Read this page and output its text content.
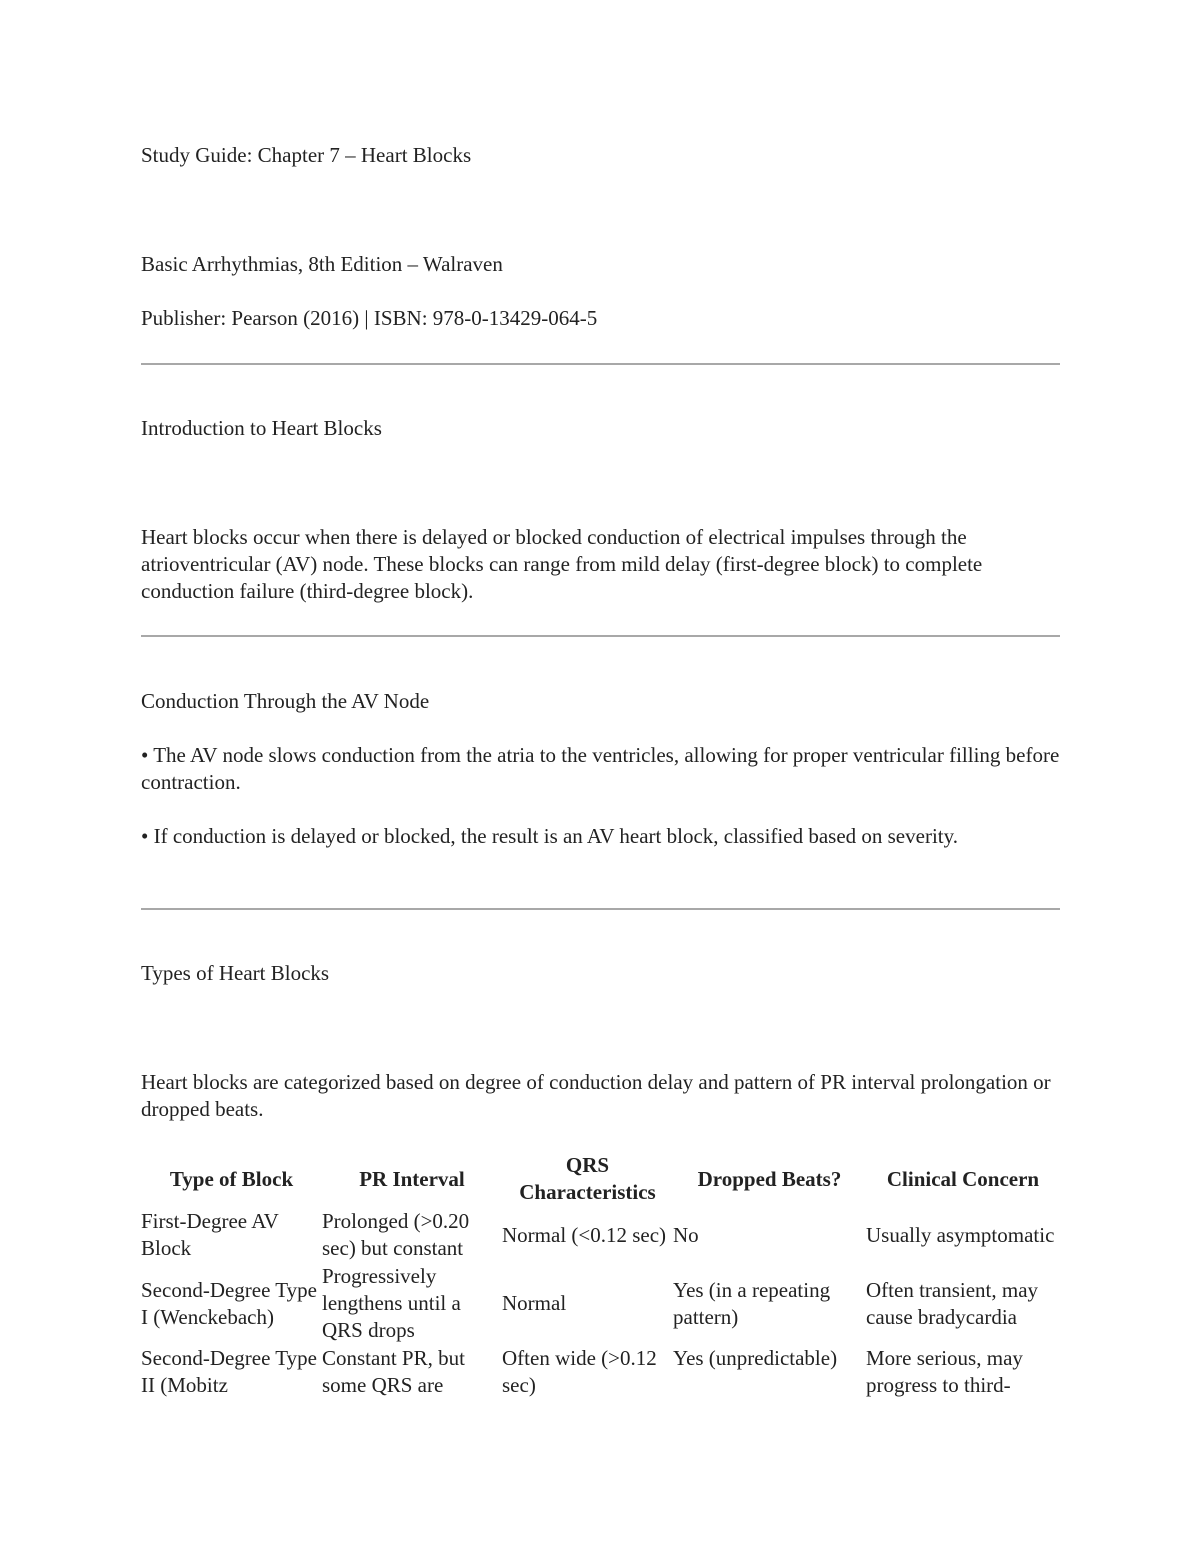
Study Guide: Chapter 7 – Heart Blocks
Basic Arrhythmias, 8th Edition – Walraven
Publisher: Pearson (2016) | ISBN: 978-0-13429-064-5
Introduction to Heart Blocks
Heart blocks occur when there is delayed or blocked conduction of electrical impulses through the atrioventricular (AV) node. These blocks can range from mild delay (first-degree block) to complete conduction failure (third-degree block).
Conduction Through the AV Node
• The AV node slows conduction from the atria to the ventricles, allowing for proper ventricular filling before contraction.
• If conduction is delayed or blocked, the result is an AV heart block, classified based on severity.
Types of Heart Blocks
Heart blocks are categorized based on degree of conduction delay and pattern of PR interval prolongation or dropped beats.
Type of Block	PR Interval	QRS Characteristics	Dropped Beats?	Clinical Concern
First-Degree AV Block	Prolonged (>0.20 sec) but constant	Normal (<0.12 sec)	No	Usually asymptomatic
Second-Degree Type I (Wenckebach)	Progressively lengthens until a QRS drops	Normal	Yes (in a repeating pattern)	Often transient, may cause bradycardia
Second-Degree Type II (Mobitz	Constant PR, but some QRS are	Often wide (>0.12 sec)	Yes (unpredictable)	More serious, may progress to third-
